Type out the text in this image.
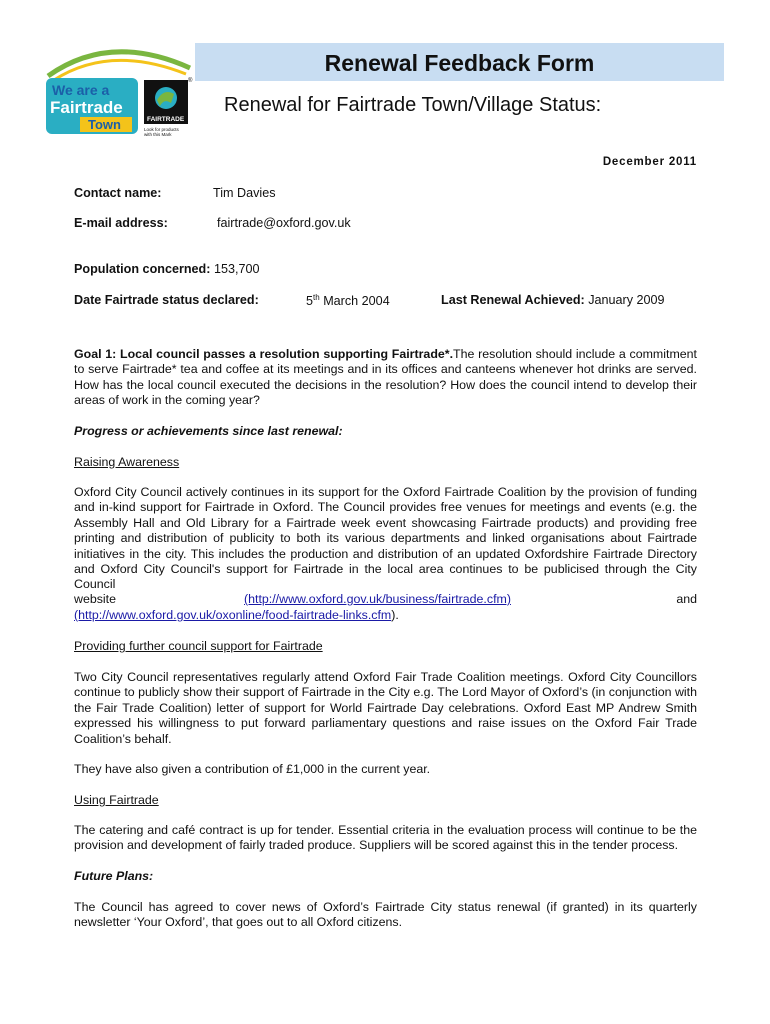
We are a
Fairtrade
Town	FAIRTRADE
Look for products
with this Mark
®
Renewal Feedback Form
Renewal for Fairtrade Town/Village Status:
December 2011
Contact name:	Tim Davies
E-mail address:	fairtrade@oxford.gov.uk
Population concerned: 153,700
Date Fairtrade status declared:	5th March 2004	Last Renewal Achieved: January 2009
Goal 1: Local council passes a resolution supporting Fairtrade*.The resolution should include a commitment to serve Fairtrade* tea and coffee at its meetings and in its offices and canteens whenever hot drinks are served. How has the local council executed the decisions in the resolution? How does the council intend to develop their areas of work in the coming year?
Progress or achievements since last renewal:
Raising Awareness
Oxford City Council actively continues in its support for the Oxford Fairtrade Coalition by the provision of funding and in-kind support for Fairtrade in Oxford. The Council provides free venues for meetings and events (e.g. the Assembly Hall and Old Library for a Fairtrade week event showcasing Fairtrade products) and providing free printing and distribution of publicity to both its various departments and linked organisations about Fairtrade initiatives in the city. This includes the production and distribution of an updated Oxfordshire Fairtrade Directory and Oxford City Council's support for Fairtrade in the local area continues to be publicised through the City Council
website	(http://www.oxford.gov.uk/business/fairtrade.cfm)	and
(http://www.oxford.gov.uk/oxonline/food-fairtrade-links.cfm).
Providing further council support for Fairtrade
Two City Council representatives regularly attend Oxford Fair Trade Coalition meetings. Oxford City Councillors continue to publicly show their support of Fairtrade in the City e.g. The Lord Mayor of Oxford’s (in conjunction with the Fair Trade Coalition) letter of support for World Fairtrade Day celebrations. Oxford East MP Andrew Smith expressed his willingness to put forward parliamentary questions and raise issues on the Oxford Fair Trade Coalition’s behalf.
They have also given a contribution of £1,000 in the current year.
Using Fairtrade
The catering and café contract is up for tender. Essential criteria in the evaluation process will continue to be the provision and development of fairly traded produce. Suppliers will be scored against this in the tender process.
Future Plans:
The Council has agreed to cover news of Oxford’s Fairtrade City status renewal (if granted) in its quarterly newsletter ‘Your Oxford’, that goes out to all Oxford citizens.
